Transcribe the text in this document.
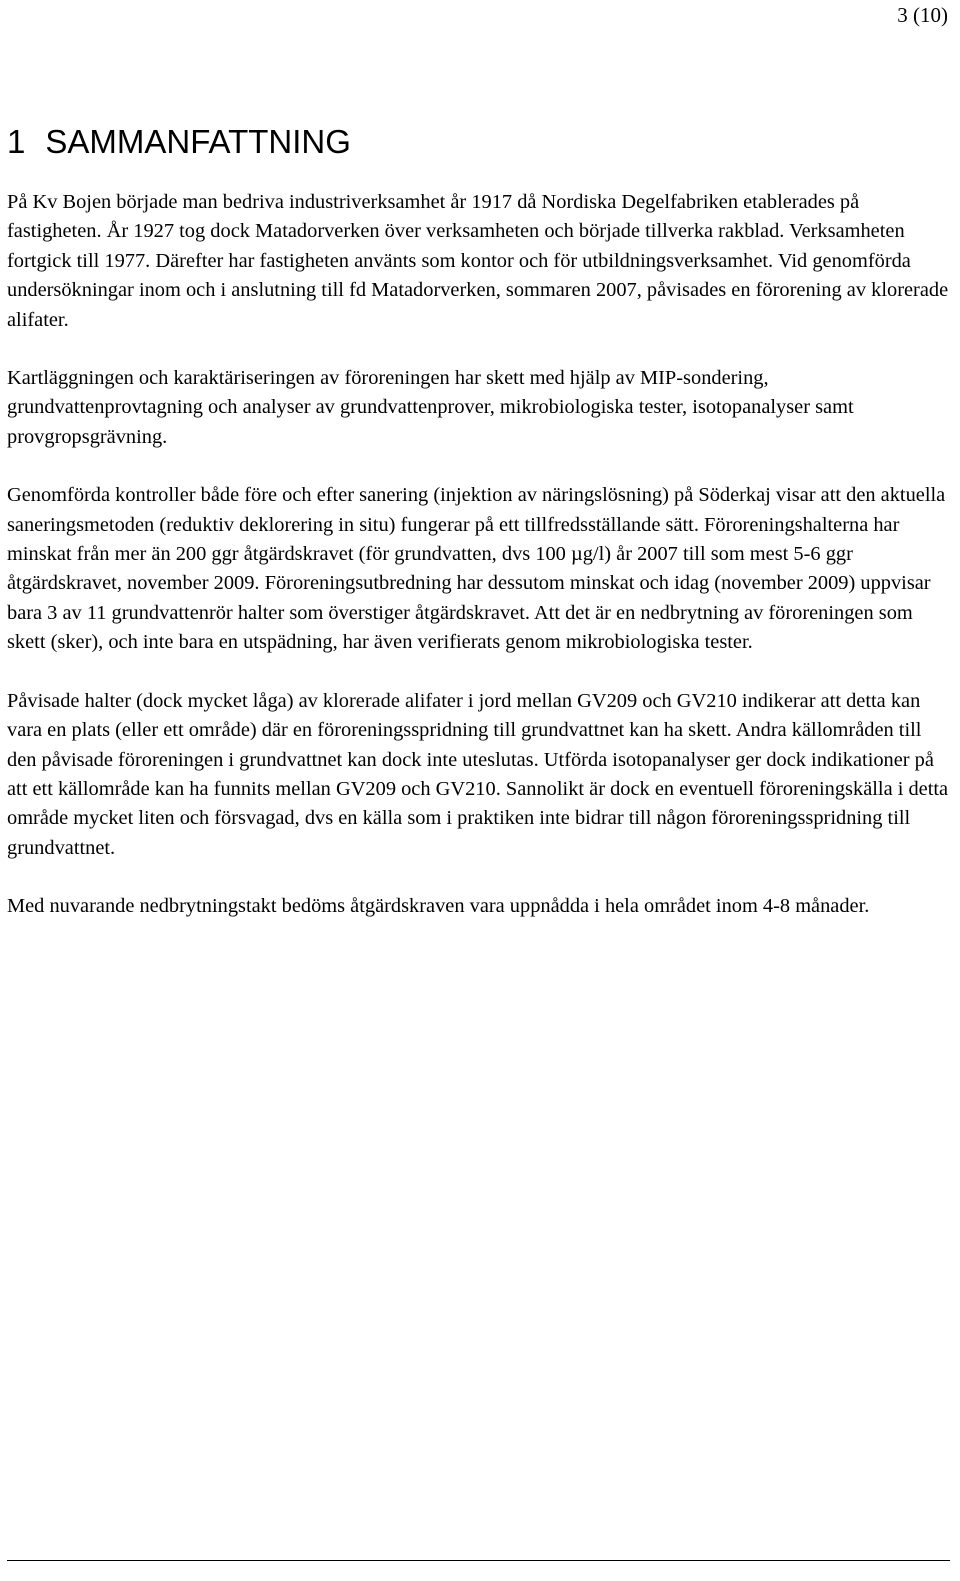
3 (10)
1 SAMMANFATTNING

På Kv Bojen började man bedriva industriverksamhet år 1917 då Nordiska Degelfabriken etablerades på fastigheten. År 1927 tog dock Matadorverken över verksamheten och började tillverka rakblad. Verksamheten fortgick till 1977. Därefter har fastigheten använts som kontor och för utbildningsverksamhet. Vid genomförda undersökningar inom och i anslutning till fd Matadorverken, sommaren 2007, påvisades en förorening av klorerade alifater.

Kartläggningen och karaktäriseringen av föroreningen har skett med hjälp av MIP-sondering, grundvattenprovtagning och analyser av grundvattenprover, mikrobiologiska tester, isotopanalyser samt provgropsgrävning.

Genomförda kontroller både före och efter sanering (injektion av näringslösning) på Söderkaj visar att den aktuella saneringsmetoden (reduktiv deklorering in situ) fungerar på ett tillfredsställande sätt. Föroreningshalterna har minskat från mer än 200 ggr åtgärdskravet (för grundvatten, dvs 100 µg/l) år 2007 till som mest 5-6 ggr åtgärdskravet, november 2009. Föroreningsutbredning har dessutom minskat och idag (november 2009) uppvisar bara 3 av 11 grundvattenrör halter som överstiger åtgärdskravet. Att det är en nedbrytning av föroreningen som skett (sker), och inte bara en utspädning, har även verifierats genom mikrobiologiska tester.

Påvisade halter (dock mycket låga) av klorerade alifater i jord mellan GV209 och GV210 indikerar att detta kan vara en plats (eller ett område) där en föroreningsspridning till grundvattnet kan ha skett. Andra källområden till den påvisade föroreningen i grundvattnet kan dock inte uteslutas. Utförda isotopanalyser ger dock indikationer på att ett källområde kan ha funnits mellan GV209 och GV210. Sannolikt är dock en eventuell föroreningskälla i detta område mycket liten och försvagad, dvs en källa som i praktiken inte bidrar till någon föroreningsspridning till grundvattnet.

Med nuvarande nedbrytningstakt bedöms åtgärdskraven vara uppnådda i hela området inom 4-8 månader.
